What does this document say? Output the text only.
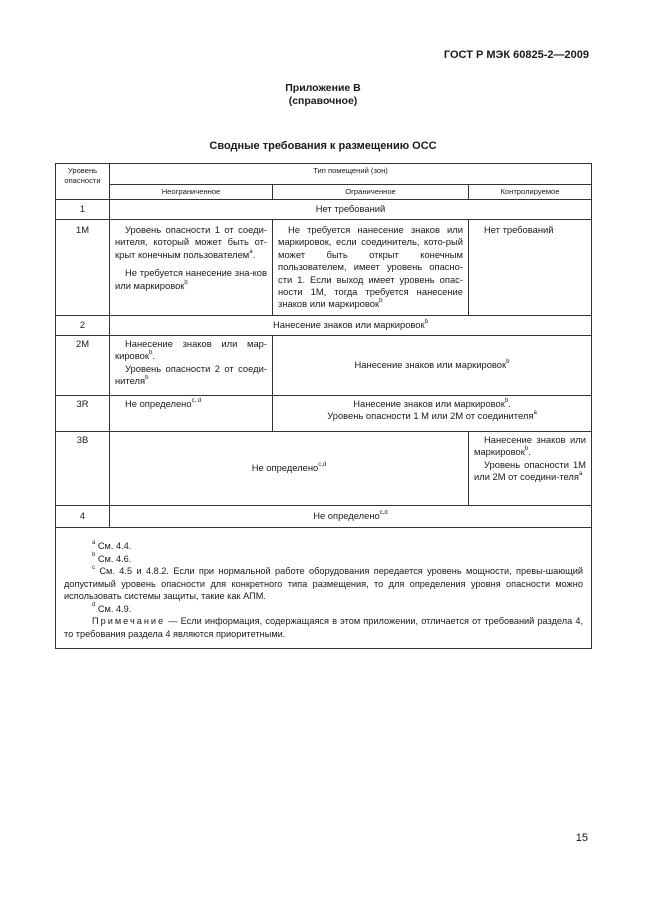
ГОСТ Р МЭК 60825-2—2009
Приложение В
(справочное)
Сводные требования к размещению ОСС
Уровень опасности	Тип помещений (зон)		
	Неограниченное	Ограниченное	Контролируемое
1	Нет требований		
1М	Уровень опасности 1 от соеди-нителя, который может быть от-крыт конечным пользователем$^a$.
Не требуется нанесение зна-ков или маркировок$^b$	Не требуется нанесение знаков или маркировок, если соединитель, кото-рый может быть открыт конечным пользователем, имеет уровень опасно-сти 1. Если выход имеет уровень опас-ности 1М, тогда требуется нанесение знаков или маркировок$^b$	Нет требований
2	Нанесение знаков или маркировок$^b$
2М	Нанесение знаков или мар-кировок$^b$.
Уровень опасности 2 от соеди-нителя$^b$	Нанесение знаков или маркировок$^b$
3R	Не определено$^{c, d}$	Нанесение знаков или маркировок$^b$.
Уровень опасности 1 М или 2М от соединителя$^a$

3В	Не определено$^{c,d}$		Нанесение знаков или маркировок$^b$.
Уровень опасности 1М или 2М от соедини-теля$^a$

4	Не определено$^{c,d}$

$^a$ См. 4.4.

$^b$ См. 4.6.

$^c$ См. 4.5 и 4.8.2. Если при нормальной работе оборудования передается уровень мощности, превы-шающий допустимый уровень опасности для конкретного типа размещения, то для определения уровня опасности можно использовать системы защиты, такие как АПМ.

$^d$ См. 4.9.

Примечание — Если информация, содержащаяся в этом приложении, отличается от требований раздела 4, то требования раздела 4 являются приоритетными.			

15
